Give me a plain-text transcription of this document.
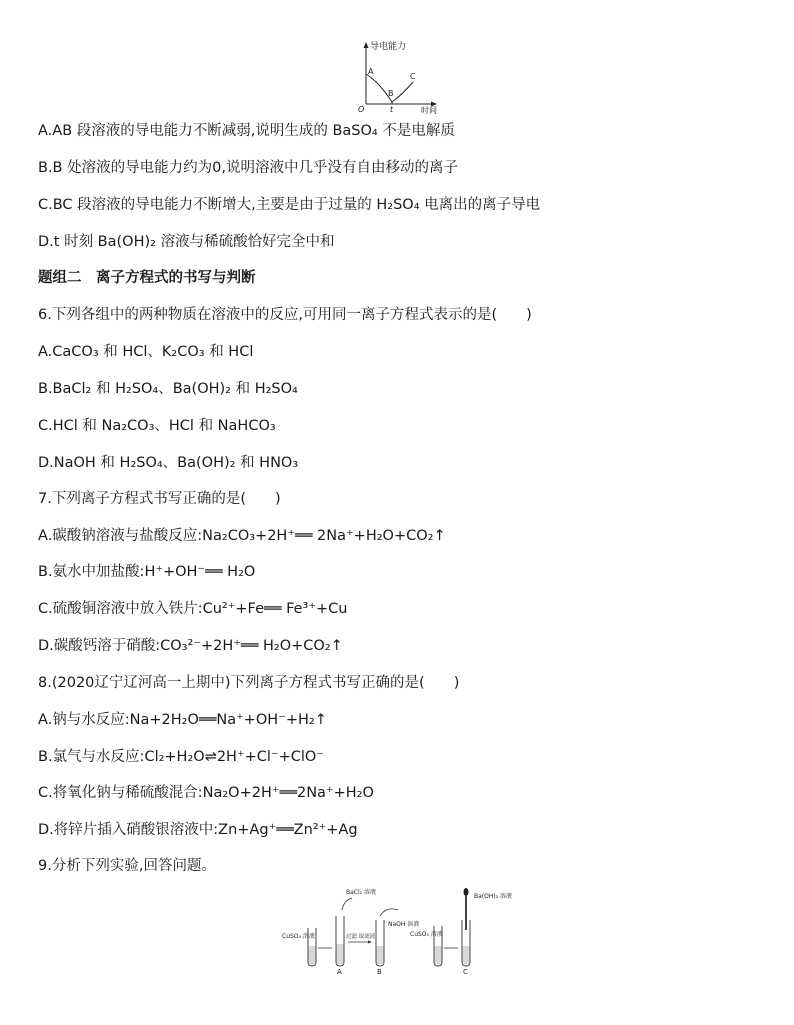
导电能力
时间
O
A
B
C
t
A.AB 段溶液的导电能力不断减弱,说明生成的 BaSO₄ 不是电解质
B.B 处溶液的导电能力约为0,说明溶液中几乎没有自由移动的离子
C.BC 段溶液的导电能力不断增大,主要是由于过量的 H₂SO₄ 电离出的离子导电
D.t 时刻 Ba(OH)₂ 溶液与稀硫酸恰好完全中和
题组二　离子方程式的书写与判断
6.下列各组中的两种物质在溶液中的反应,可用同一离子方程式表示的是(　　)
A.CaCO₃ 和 HCl、K₂CO₃ 和 HCl
B.BaCl₂ 和 H₂SO₄、Ba(OH)₂ 和 H₂SO₄
C.HCl 和 Na₂CO₃、HCl 和 NaHCO₃
D.NaOH 和 H₂SO₄、Ba(OH)₂ 和 HNO₃
7.下列离子方程式书写正确的是(　　)
A.碳酸钠溶液与盐酸反应:Na₂CO₃+2H⁺══ 2Na⁺+H₂O+CO₂↑
B.氨水中加盐酸:H⁺+OH⁻══ H₂O
C.硫酸铜溶液中放入铁片:Cu²⁺+Fe══ Fe³⁺+Cu
D.碳酸钙溶于硝酸:CO₃²⁻+2H⁺══ H₂O+CO₂↑
8.(2020辽宁辽河高一上期中)下列离子方程式书写正确的是(　　)
A.钠与水反应:Na+2H₂O══Na⁺+OH⁻+H₂↑
B.氯气与水反应:Cl₂+H₂O⇌2H⁺+Cl⁻+ClO⁻
C.将氧化钠与稀硫酸混合:Na₂O+2H⁺══2Na⁺+H₂O
D.将锌片插入硝酸银溶液中:Zn+Ag⁺══Zn²⁺+Ag
9.分析下列实验,回答问题。
CuSO₄ 溶液
BaCl₂ 溶液
A
过滤 取滤液
NaOH 溶液
B
CuSO₄ 溶液
Ba(OH)₂ 溶液
C
